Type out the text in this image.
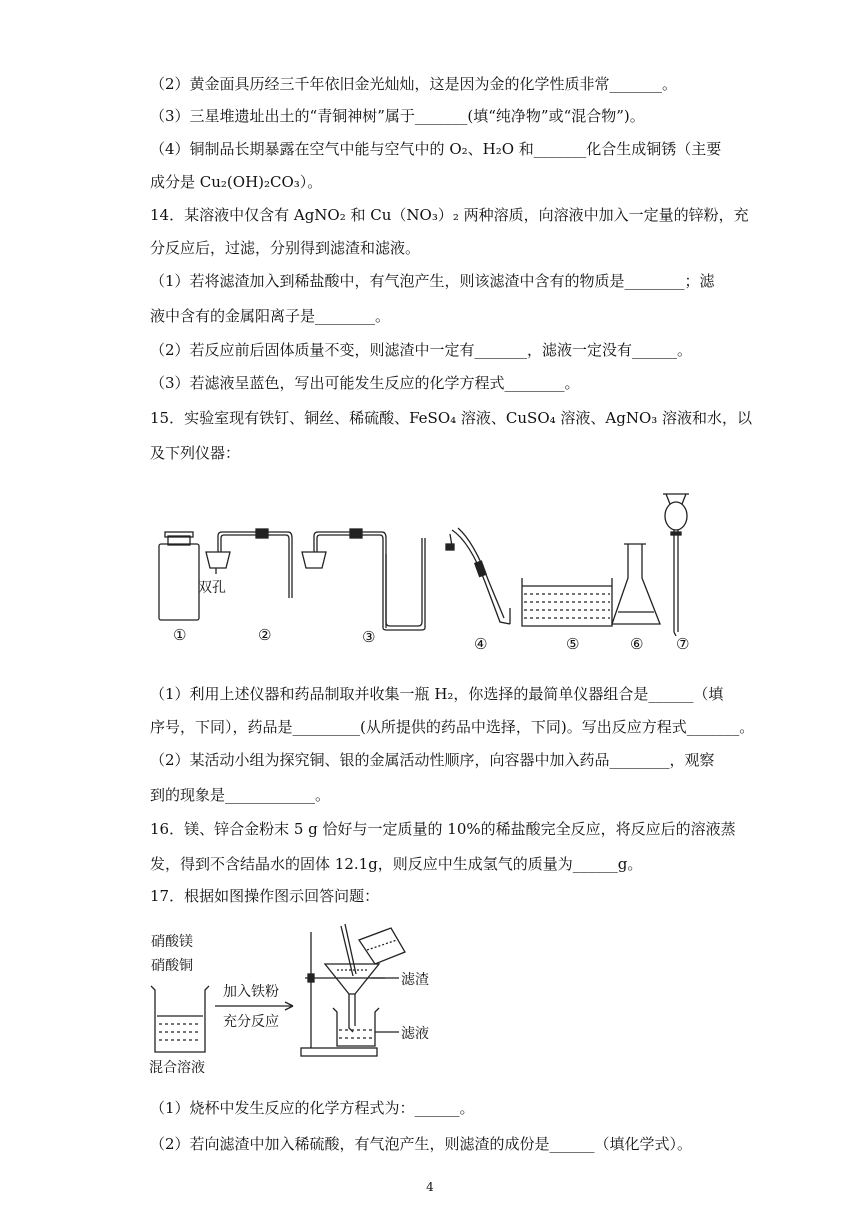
（2）黄金面具历经三千年依旧金光灿灿，这是因为金的化学性质非常_______。
（3）三星堆遗址出土的“青铜神树”属于_______(填“纯净物”或“混合物”)。
（4）铜制品长期暴露在空气中能与空气中的 O₂、H₂O 和_______化合生成铜锈（主要
成分是 Cu₂(OH)₂CO₃）。
14．某溶液中仅含有 AgNO₂ 和 Cu（NO₃）₂ 两种溶质，向溶液中加入一定量的锌粉，充
分反应后，过滤，分别得到滤渣和滤液。
（1）若将滤渣加入到稀盐酸中，有气泡产生，则该滤渣中含有的物质是________；滤
液中含有的金属阳离子是________。
（2）若反应前后固体质量不变，则滤渣中一定有_______，滤液一定没有______。
（3）若滤液呈蓝色，写出可能发生反应的化学方程式________。
15．实验室现有铁钉、铜丝、稀硫酸、FeSO₄ 溶液、CuSO₄ 溶液、AgNO₃ 溶液和水，以
及下列仪器：
双孔
①	②	③	④	⑤	⑥ ⑦
（1）利用上述仪器和药品制取并收集一瓶 H₂，你选择的最简单仪器组合是______（填
序号，下同），药品是_________(从所提供的药品中选择，下同)。写出反应方程式_______。
（2）某活动小组为探究铜、银的金属活动性顺序，向容器中加入药品________，观察
到的现象是____________。
16．镁、锌合金粉末 5 g 恰好与一定质量的 10%的稀盐酸完全反应，将反应后的溶液蒸
发，得到不含结晶水的固体 12.1g，则反应中生成氢气的质量为______g。
17．根据如图操作图示回答问题：
硝酸镁
硝酸铜
加入铁粉
充分反应
混合溶液
滤渣
滤液
（1）烧杯中发生反应的化学方程式为：______。
（2）若向滤渣中加入稀硫酸，有气泡产生，则滤渣的成份是______（填化学式）。
4
